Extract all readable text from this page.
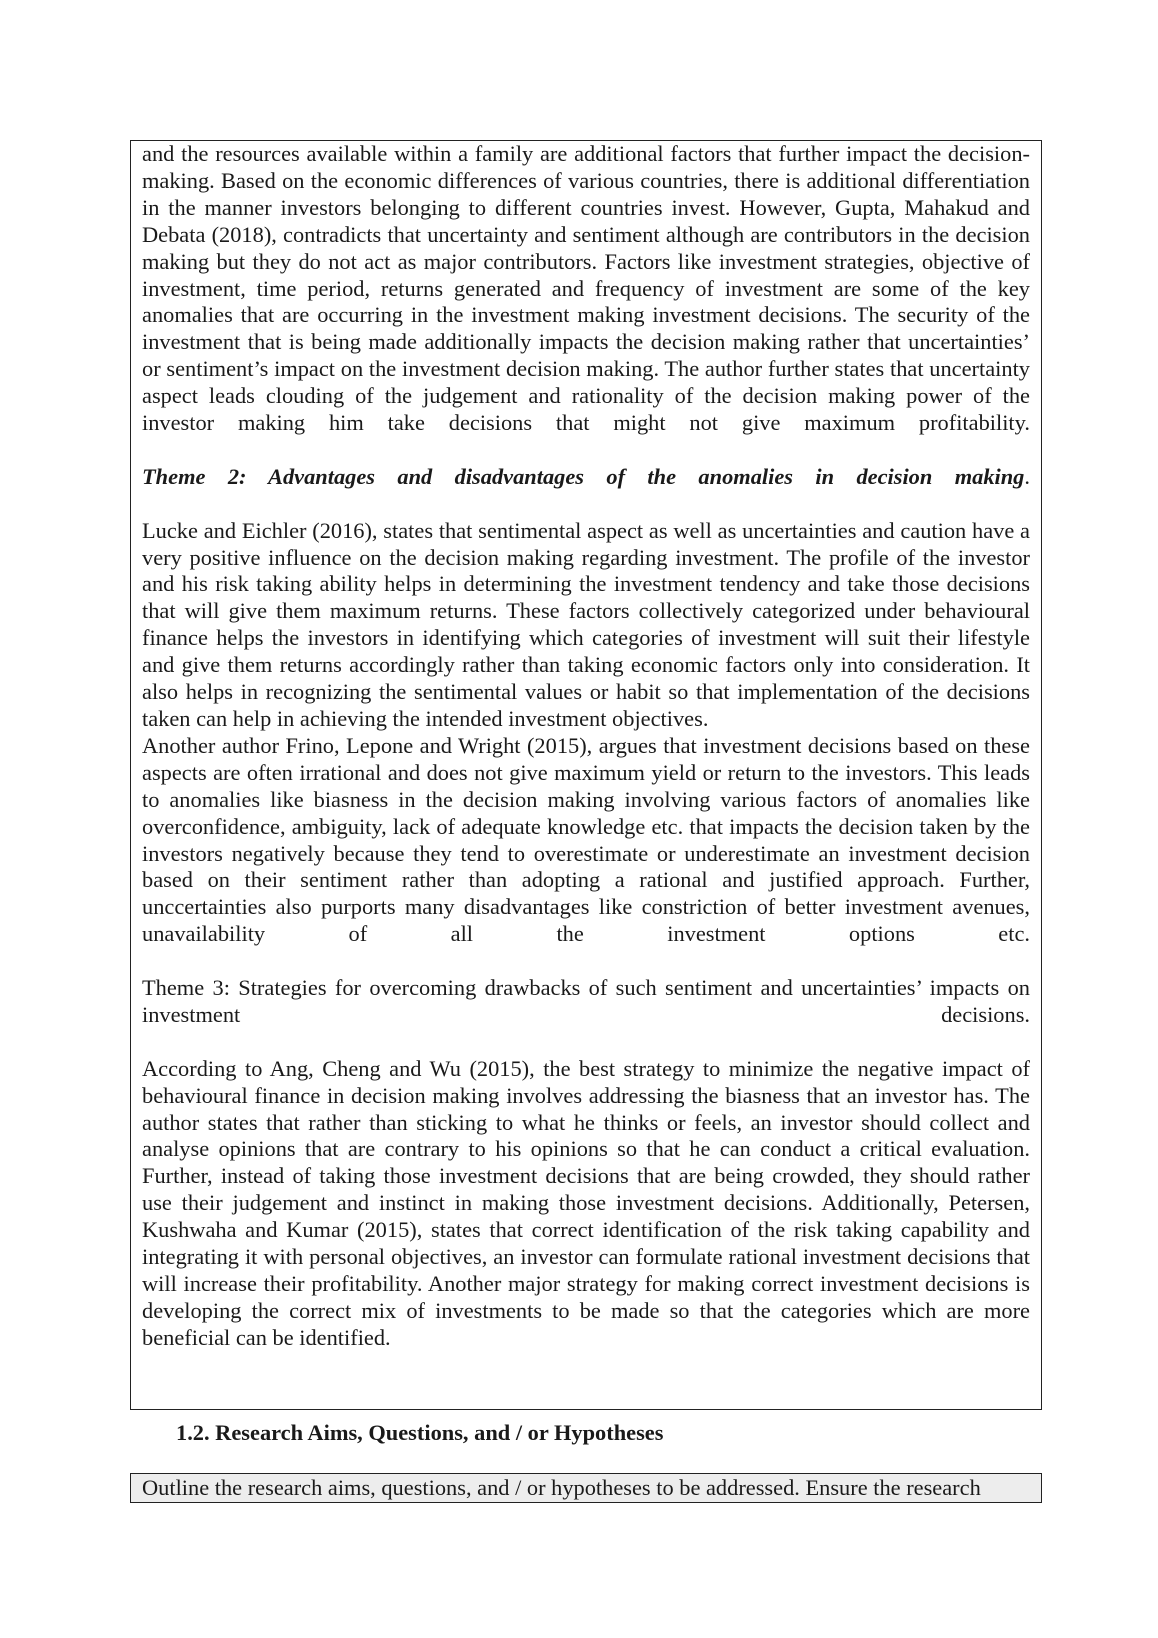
and the resources available within a family are additional factors that further impact the decision-making. Based on the economic differences of various countries, there is additional differentiation in the manner investors belonging to different countries invest. However, Gupta, Mahakud and Debata (2018), contradicts that uncertainty and sentiment although are contributors in the decision making but they do not act as major contributors. Factors like investment strategies, objective of investment, time period, returns generated and frequency of investment are some of the key anomalies that are occurring in the investment making investment decisions. The security of the investment that is being made additionally impacts the decision making rather that uncertainties’ or sentiment’s impact on the investment decision making. The author further states that uncertainty aspect leads clouding of the judgement and rationality of the decision making power of the investor making him take decisions that might not give maximum profitability.

Theme 2: Advantages and disadvantages of the anomalies in decision making.

Lucke and Eichler (2016), states that sentimental aspect as well as uncertainties and caution have a very positive influence on the decision making regarding investment. The profile of the investor and his risk taking ability helps in determining the investment tendency and take those decisions that will give them maximum returns. These factors collectively categorized under behavioural finance helps the investors in identifying which categories of investment will suit their lifestyle and give them returns accordingly rather than taking economic factors only into consideration. It also helps in recognizing the sentimental values or habit so that implementation of the decisions taken can help in achieving the intended investment objectives.

Another author Frino, Lepone and Wright (2015), argues that investment decisions based on these aspects are often irrational and does not give maximum yield or return to the investors. This leads to anomalies like biasness in the decision making involving various factors of anomalies like overconfidence, ambiguity, lack of adequate knowledge etc. that impacts the decision taken by the investors negatively because they tend to overestimate or underestimate an investment decision based on their sentiment rather than adopting a rational and justified approach. Further, unccertainties also purports many disadvantages like constriction of better investment avenues, unavailability of all the investment options etc.

Theme 3: Strategies for overcoming drawbacks of such sentiment and uncertainties’ impacts on investment decisions.

According to Ang, Cheng and Wu (2015), the best strategy to minimize the negative impact of behavioural finance in decision making involves addressing the biasness that an investor has. The author states that rather than sticking to what he thinks or feels, an investor should collect and analyse opinions that are contrary to his opinions so that he can conduct a critical evaluation. Further, instead of taking those investment decisions that are being crowded, they should rather use their judgement and instinct in making those investment decisions. Additionally, Petersen, Kushwaha and Kumar (2015), states that correct identification of the risk taking capability and integrating it with personal objectives, an investor can formulate rational investment decisions that will increase their profitability. Another major strategy for making correct investment decisions is developing the correct mix of investments to be made so that the categories which are more beneficial can be identified.

1.2. Research Aims, Questions, and / or Hypotheses

Outline the research aims, questions, and / or hypotheses to be addressed. Ensure the research
